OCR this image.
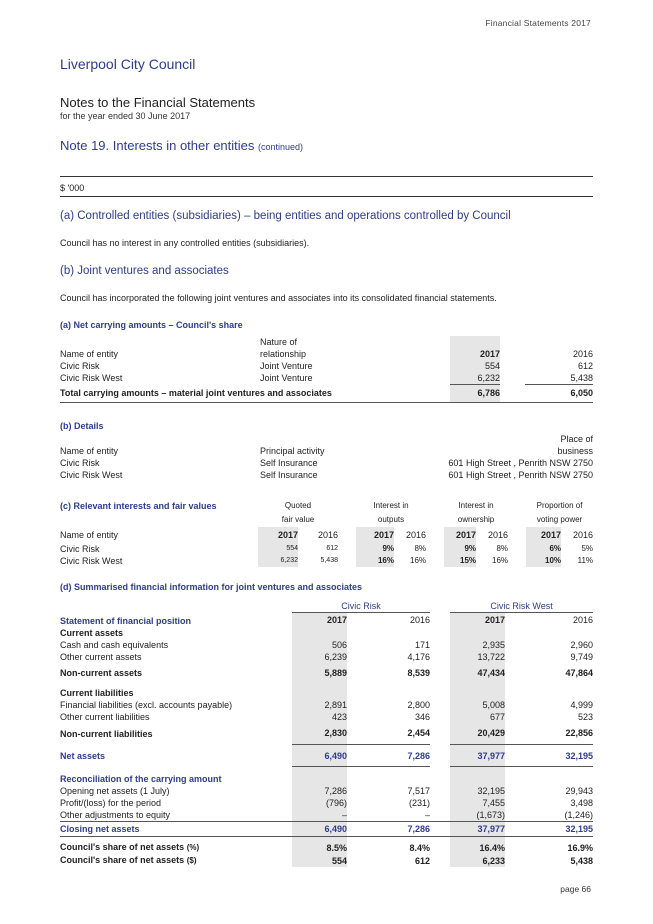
Financial Statements 2017
Liverpool City Council
Notes to the Financial Statements
for the year ended 30 June 2017
Note 19. Interests in other entities (continued)
$ '000
(a) Controlled entities (subsidiaries) – being entities and operations controlled by Council
Council has no interest in any controlled entities (subsidiaries).
(b) Joint ventures and associates
Council has incorporated the following joint ventures and associates into its consolidated financial statements.
(a) Net carrying amounts – Council's share
	Nature of			
Name of entity	relationship	2017		2016
Civic Risk	Joint Venture	554		612
Civic Risk West	Joint Venture	6,232		5,438
Total carrying amounts – material joint ventures and associates		6,786		6,050
(b) Details
		Place of
Name of entity	Principal activity	business
Civic Risk	Self Insurance	601 High Street , Penrith NSW 2750
Civic Risk West	Self Insurance	601 High Street , Penrith NSW 2750
(c) Relevant interests and fair values	Quoted			Interest in			Interest in			Proportion of	
	fair value			outputs			ownership			voting power	
Name of entity	2017	2016		2017	2016		2017	2016		2017	2016
Civic Risk	554	612		9%	8%		9%	8%		6%	5%
Civic Risk West	6,232	5,438		16%	16%		15%	16%		10%	11%
(d) Summarised financial information for joint ventures and associates
	Civic Risk				Civic Risk West		
Statement of financial position	2017		2016		2017		2016
Current assets							
Cash and cash equivalents	506		171		2,935		2,960
Other current assets	6,239		4,176		13,722		9,749
Non-current assets	5,889		8,539		47,434		47,864
Current liabilities							
Financial liabilities (excl. accounts payable)	2,891		2,800		5,008		4,999
Other current liabilities	423		346		677		523
Non-current liabilities	2,830		2,454		20,429		22,856
Net assets	6,490		7,286		37,977		32,195
Reconciliation of the carrying amount							
Opening net assets (1 July)	7,286		7,517		32,195		29,943
Profit/(loss) for the period	(796)		(231)		7,455		3,498
Other adjustments to equity	–		–		(1,673)		(1,246)
Closing net assets	6,490		7,286		37,977		32,195
Council's share of net assets (%)	8.5%		8.4%		16.4%		16.9%
Council's share of net assets ($)	554		612		6,233		5,438
page 66
